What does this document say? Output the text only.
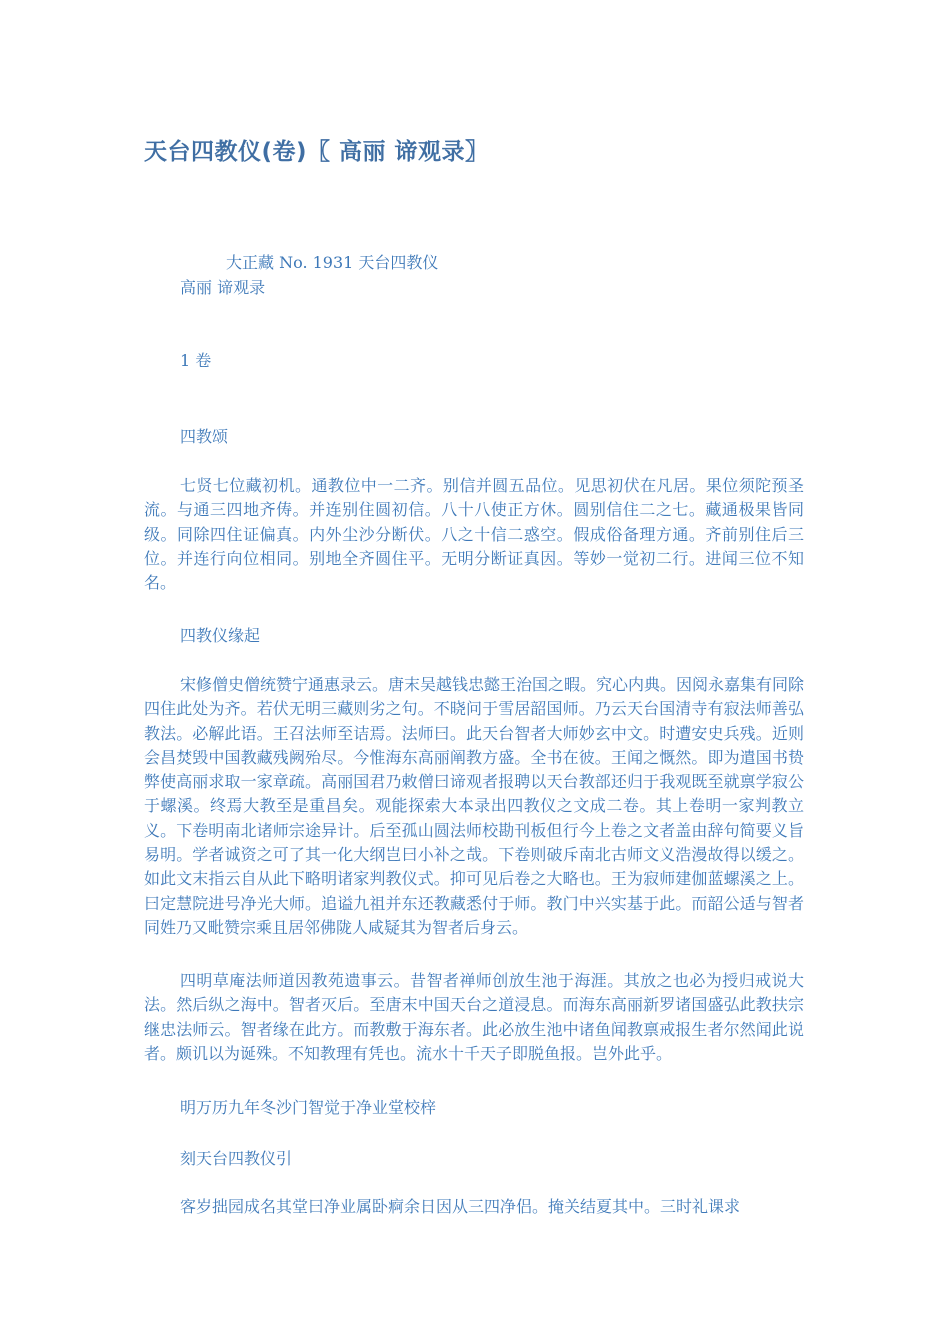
天台四教仪(卷)〖 高丽 谛观录〗
大正藏 No. 1931 天台四教仪
高丽 谛观录
1 卷
四教颂

七贤七位藏初机。通教位中一二齐。别信并圆五品位。见思初伏在凡居。果位须陀预圣流。与通三四地齐俦。并连别住圆初信。八十八使正方休。圆别信住二之七。藏通极果皆同级。同除四住证偏真。内外尘沙分断伏。八之十信二惑空。假成俗备理方通。齐前别住后三位。并连行向位相同。别地全齐圆住平。无明分断证真因。等妙一觉初二行。进闻三位不知名。

四教仪缘起

宋修僧史僧统赞宁通惠录云。唐末吴越钱忠懿王治国之暇。究心内典。因阅永嘉集有同除四住此处为齐。若伏无明三藏则劣之句。不晓问于雪居韶国师。乃云天台国清寺有寂法师善弘教法。必解此语。王召法师至诘焉。法师曰。此天台智者大师妙玄中文。时遭安史兵残。近则会昌焚毁中国教藏残阙殆尽。今惟海东高丽阐教方盛。全书在彼。王闻之慨然。即为遣国书贽弊使高丽求取一家章疏。高丽国君乃敕僧曰谛观者报聘以天台教部还归于我观既至就禀学寂公于螺溪。终焉大教至是重昌矣。观能探索大本录出四教仪之文成二卷。其上卷明一家判教立义。下卷明南北诸师宗途异计。后至孤山圆法师校勘刊板但行今上卷之文者盖由辞句简要义旨易明。学者诚资之可了其一化大纲岂曰小补之哉。下卷则破斥南北古师文义浩漫故得以缓之。如此文末指云自从此下略明诸家判教仪式。抑可见后卷之大略也。王为寂师建伽蓝螺溪之上。曰定慧院进号净光大师。追谥九祖并东还教藏悉付于师。教门中兴实基于此。而韶公适与智者同姓乃又毗赞宗乘且居邻佛陇人咸疑其为智者后身云。

四明草庵法师道因教苑遗事云。昔智者禅师创放生池于海涯。其放之也必为授归戒说大法。然后纵之海中。智者灭后。至唐末中国天台之道浸息。而海东高丽新罗诸国盛弘此教扶宗继忠法师云。智者缘在此方。而教敷于海东者。此必放生池中诸鱼闻教禀戒报生者尔然闻此说者。颇讥以为诞殊。不知教理有凭也。流水十千天子即脱鱼报。岂外此乎。

明万历九年冬沙门智觉于净业堂校梓
刻天台四教仪引

客岁拙园成名其堂曰净业属卧痾余日因从三四净侣。掩关结夏其中。三时礼课求
